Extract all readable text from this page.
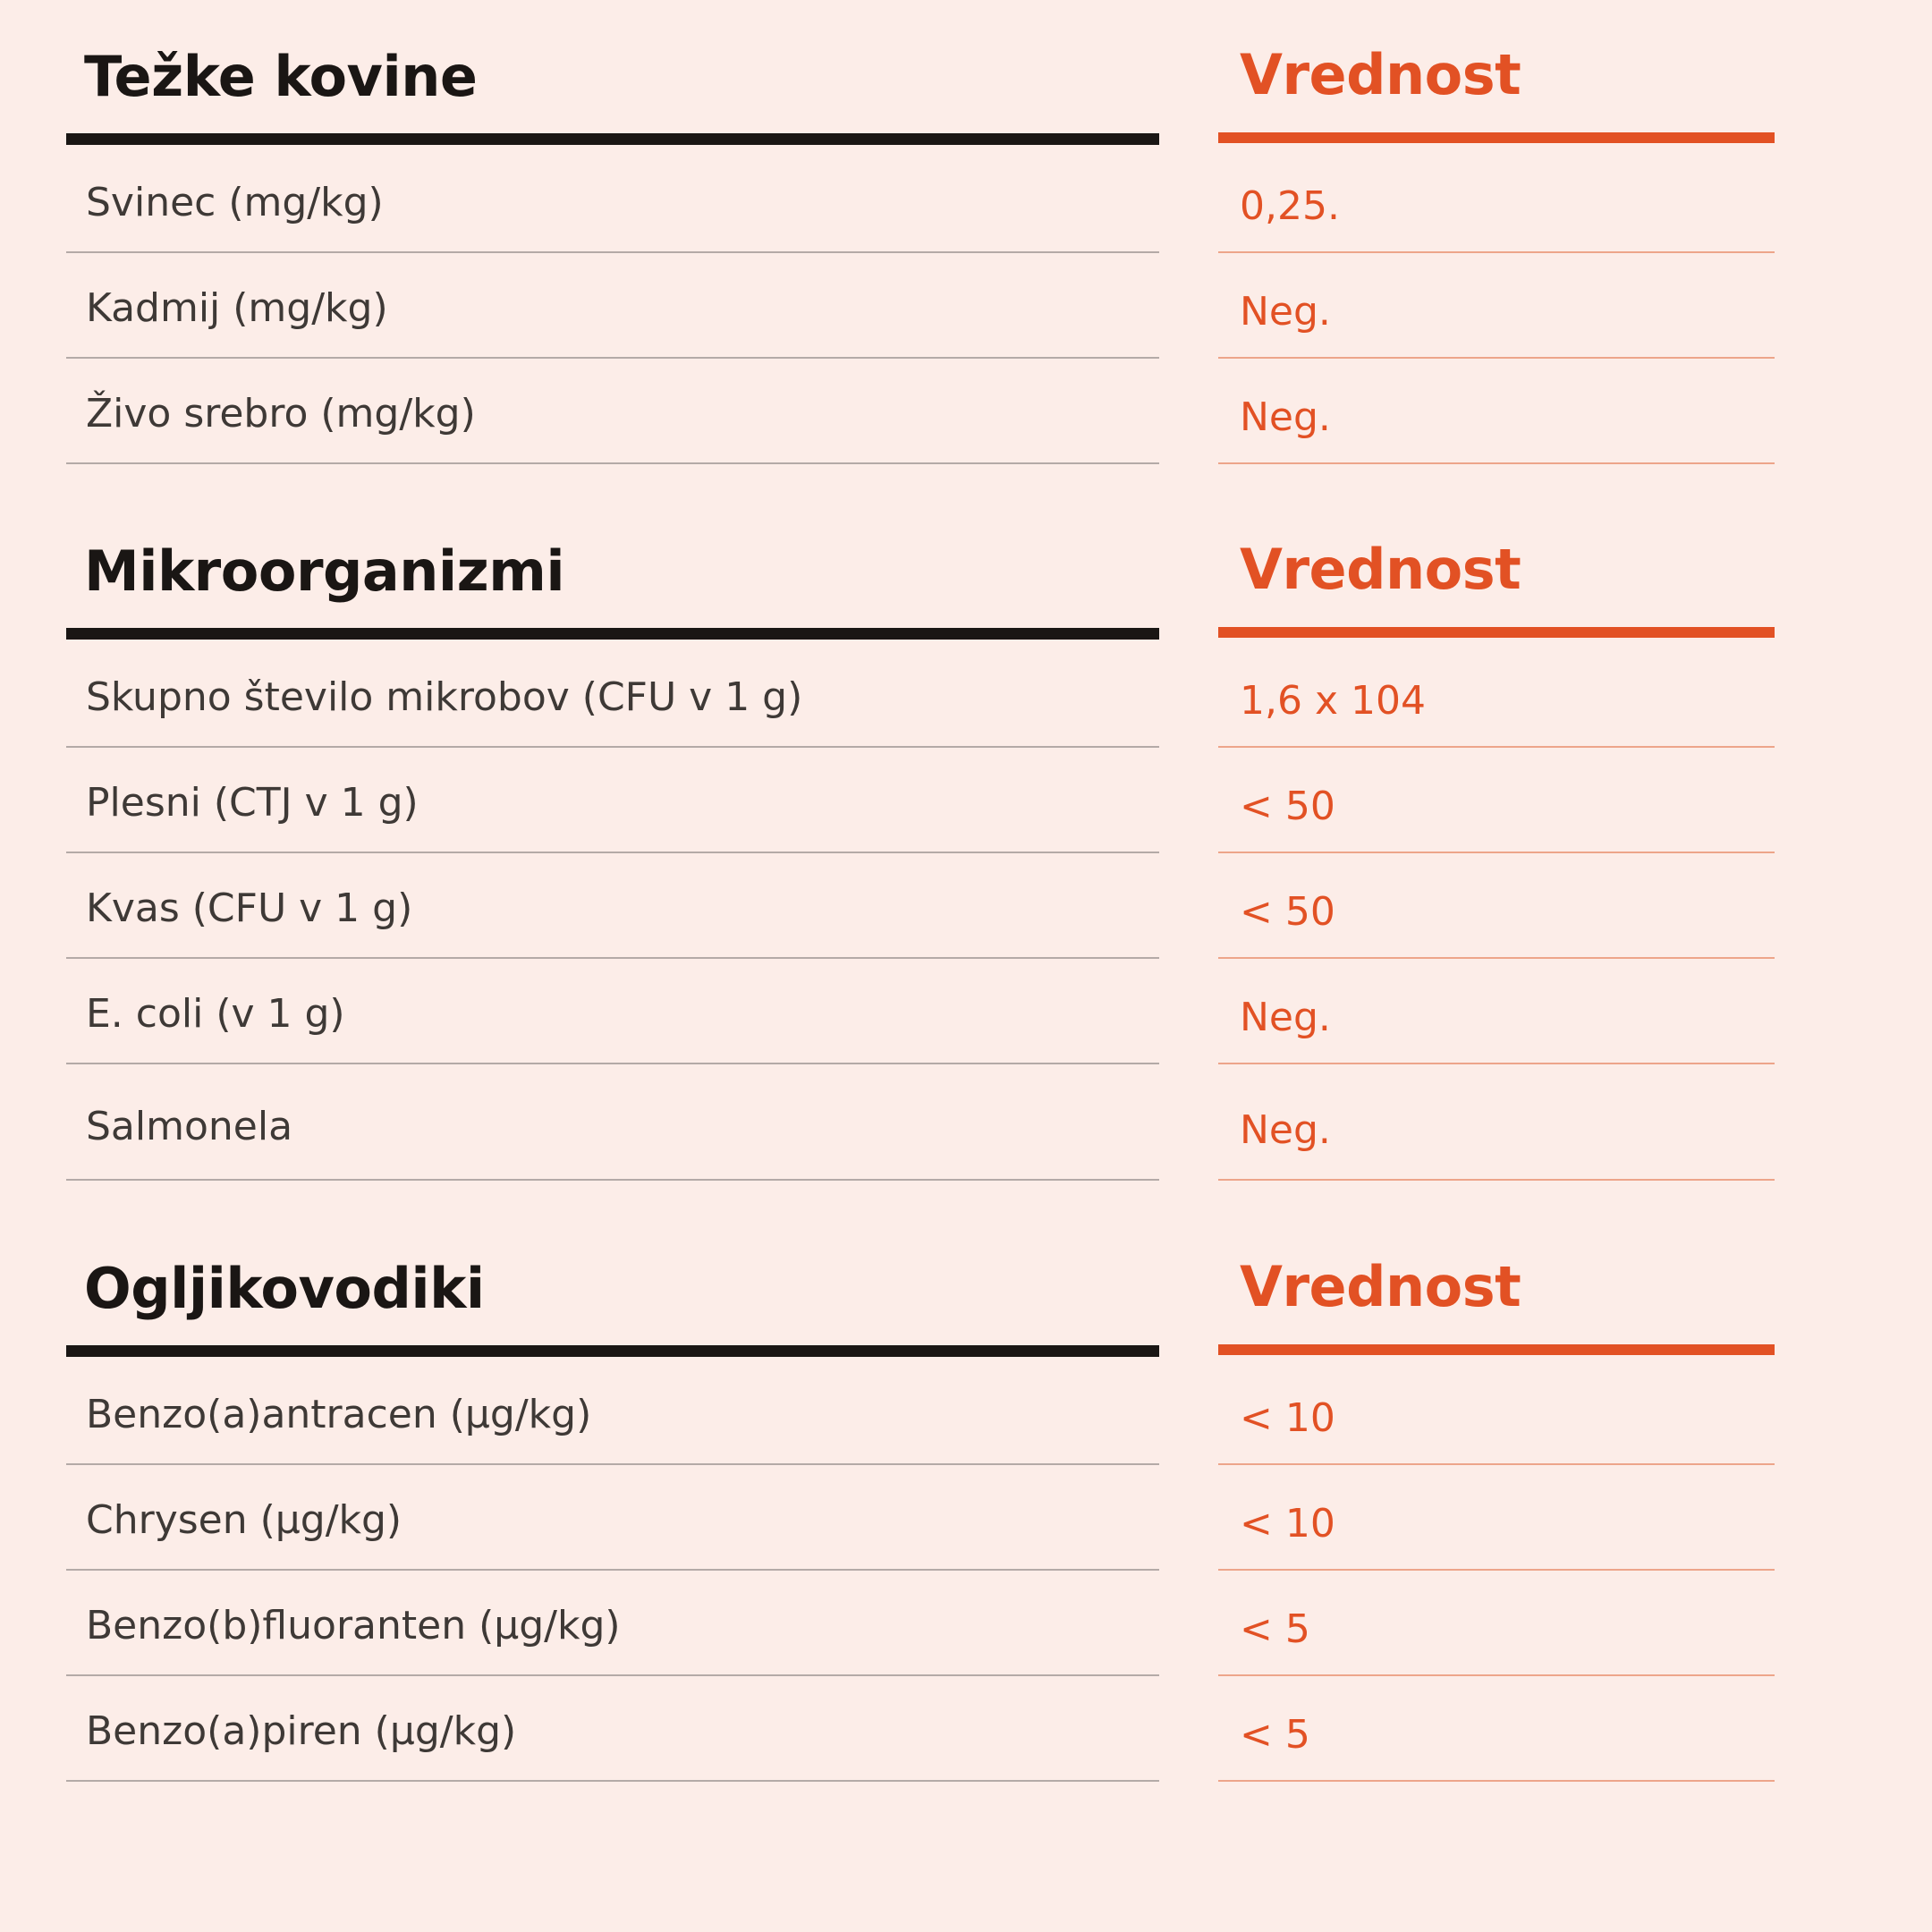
Težke kovine	Vrednost
Svinec (mg/kg)	0,25.
Kadmij (mg/kg)	Neg.
Živo srebro (mg/kg)	Neg.
Mikroorganizmi	Vrednost
Skupno število mikrobov (CFU v 1 g)	1,6 x 104
Plesni (CTJ v 1 g)	< 50
Kvas (CFU v 1 g)	< 50
E. coli (v 1 g)	Neg.
Salmonela	Neg.
Ogljikovodiki	Vrednost
Benzo(a)antracen (µg/kg)	< 10
Chrysen (µg/kg)	< 10
Benzo(b)fluoranten (µg/kg)	< 5
Benzo(a)piren (µg/kg)	< 5
